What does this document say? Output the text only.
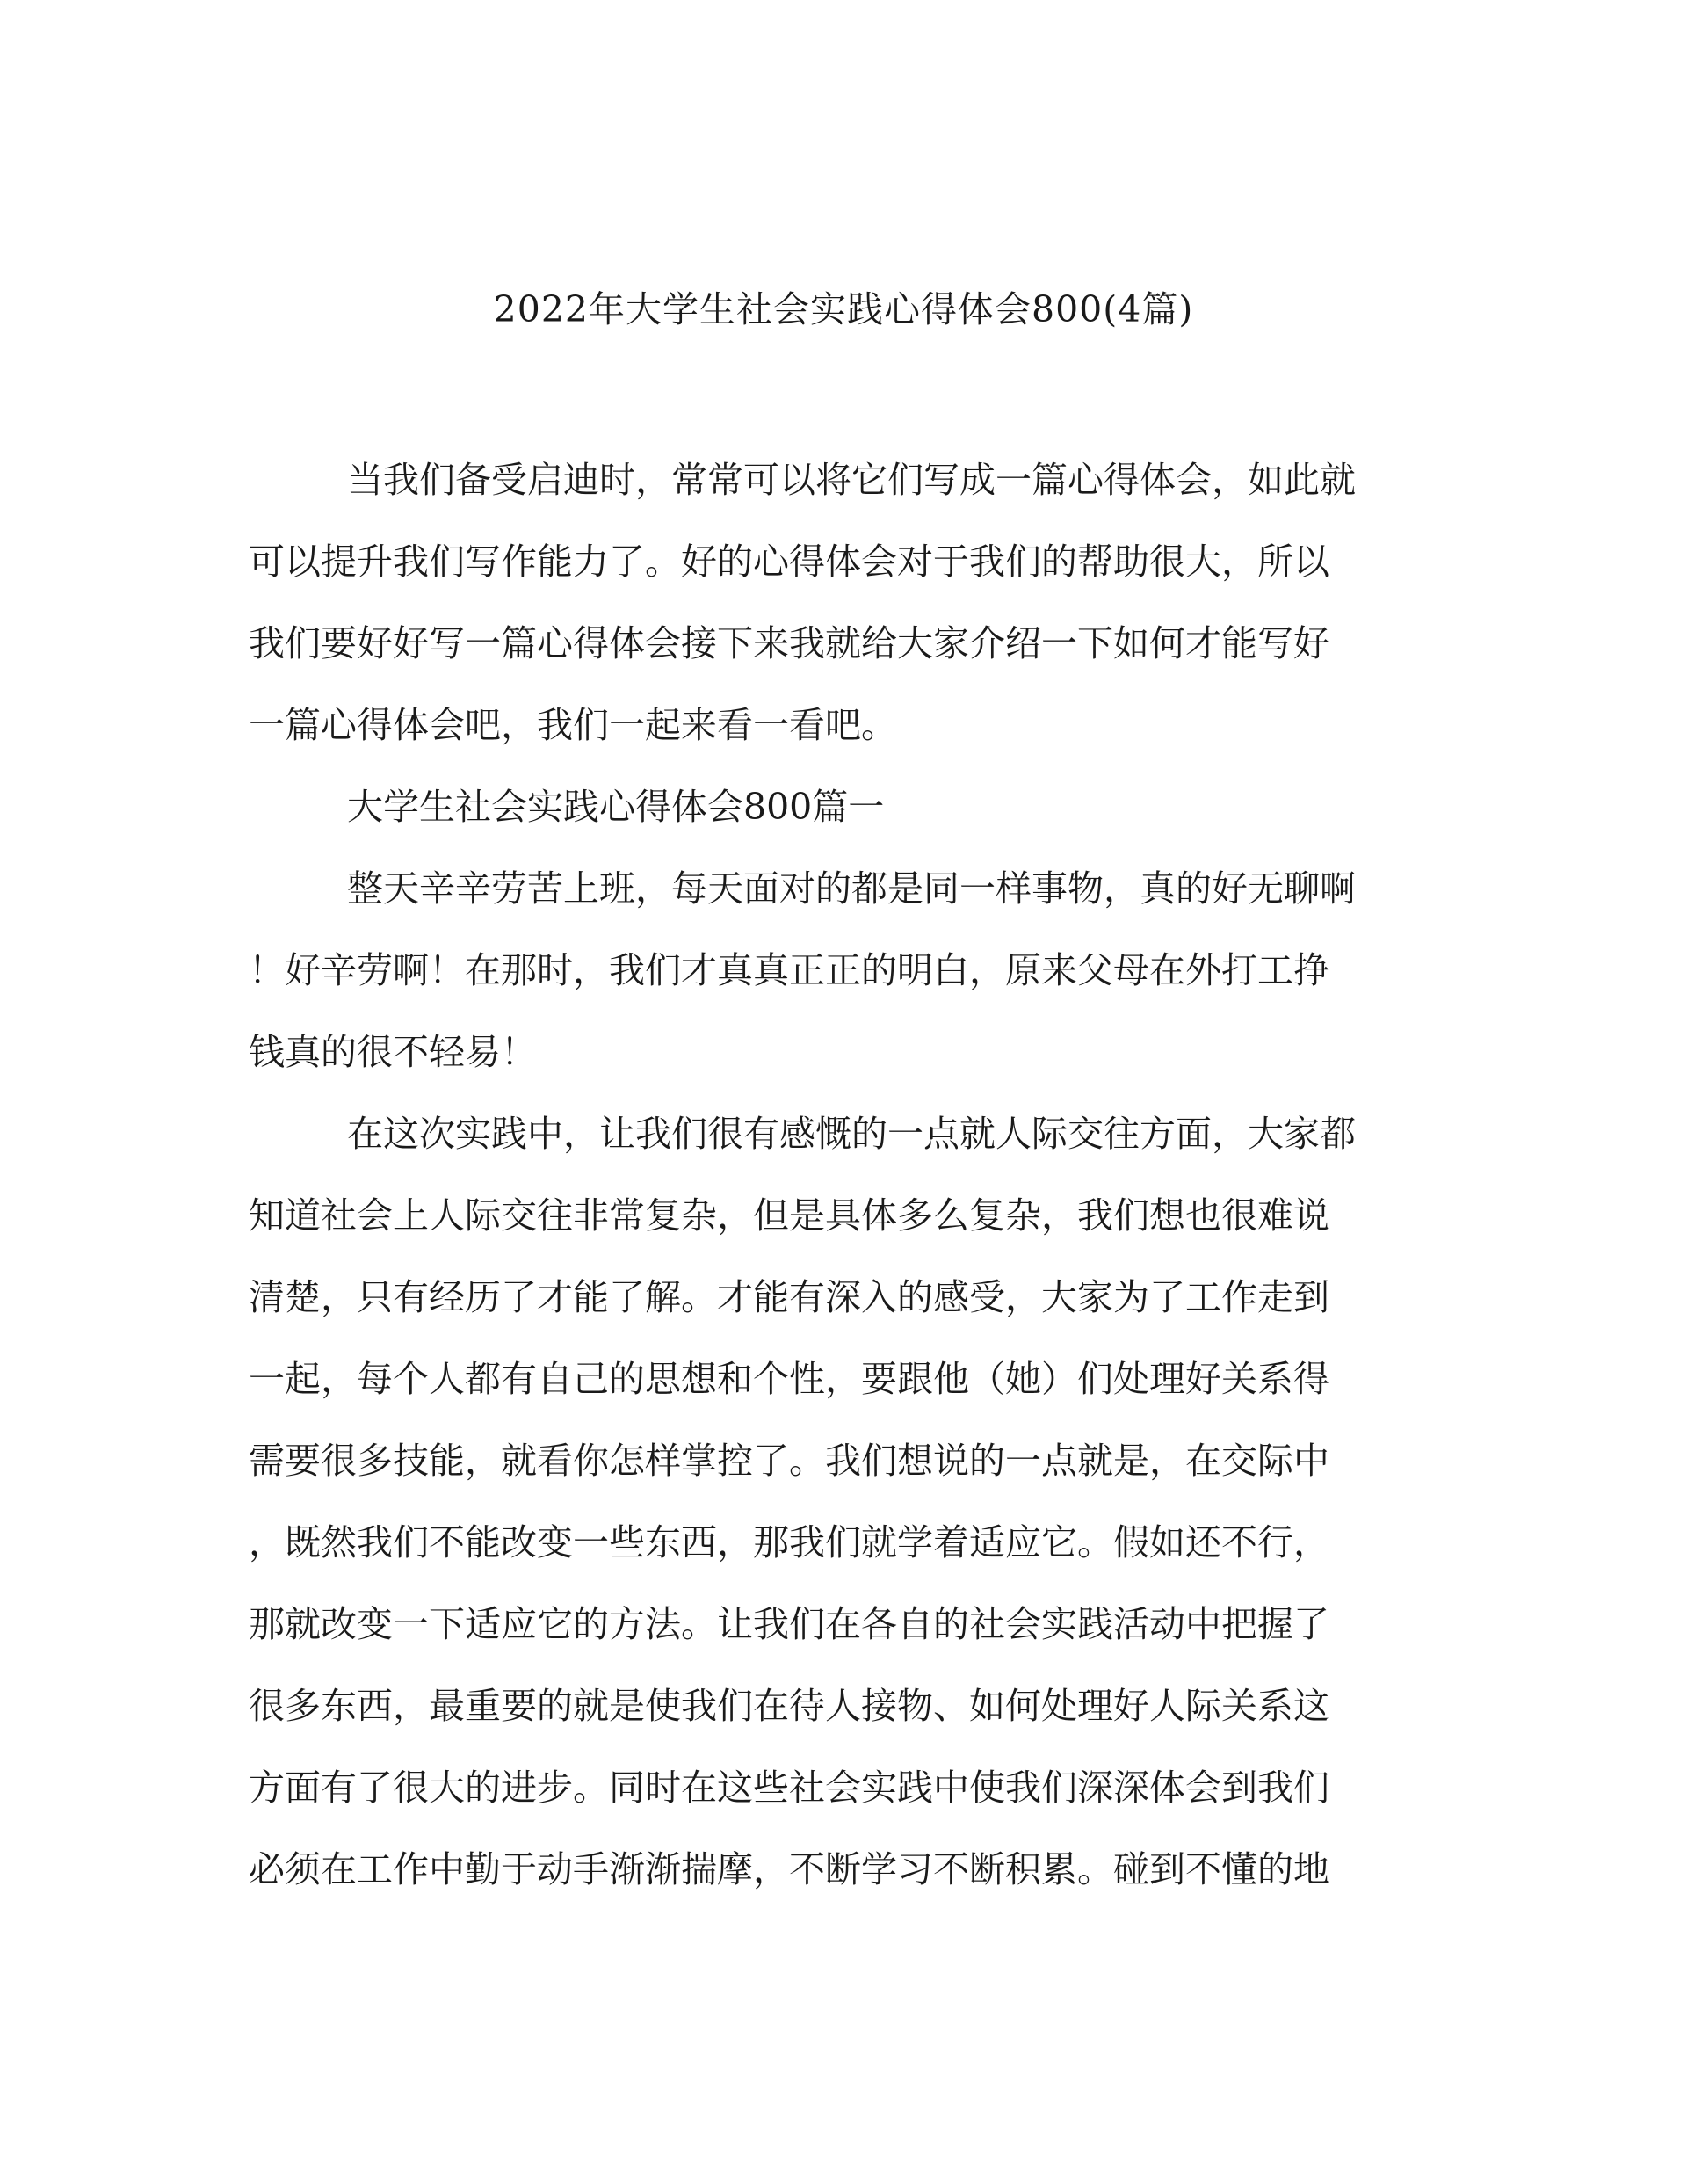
2022年大学生社会实践心得体会800(4篇)
当我们备受启迪时，常常可以将它们写成一篇心得体会，如此就
可以提升我们写作能力了。好的心得体会对于我们的帮助很大，所以
我们要好好写一篇心得体会接下来我就给大家介绍一下如何才能写好
一篇心得体会吧，我们一起来看一看吧。
大学生社会实践心得体会800篇一
整天辛辛劳苦上班，每天面对的都是同一样事物，真的好无聊啊
！好辛劳啊！在那时，我们才真真正正的明白，原来父母在外打工挣
钱真的很不轻易！
在这次实践中，让我们很有感慨的一点就人际交往方面，大家都
知道社会上人际交往非常复杂，但是具体多么复杂，我们想也很难说
清楚，只有经历了才能了解。才能有深入的感受，大家为了工作走到
一起，每个人都有自己的思想和个性，要跟他（她）们处理好关系得
需要很多技能，就看你怎样掌控了。我们想说的一点就是，在交际中
，既然我们不能改变一些东西，那我们就学着适应它。假如还不行，
那就改变一下适应它的方法。让我们在各自的社会实践活动中把握了
很多东西，最重要的就是使我们在待人接物、如何处理好人际关系这
方面有了很大的进步。同时在这些社会实践中使我们深深体会到我们
必须在工作中勤于动手渐渐揣摩，不断学习不断积累。碰到不懂的地
